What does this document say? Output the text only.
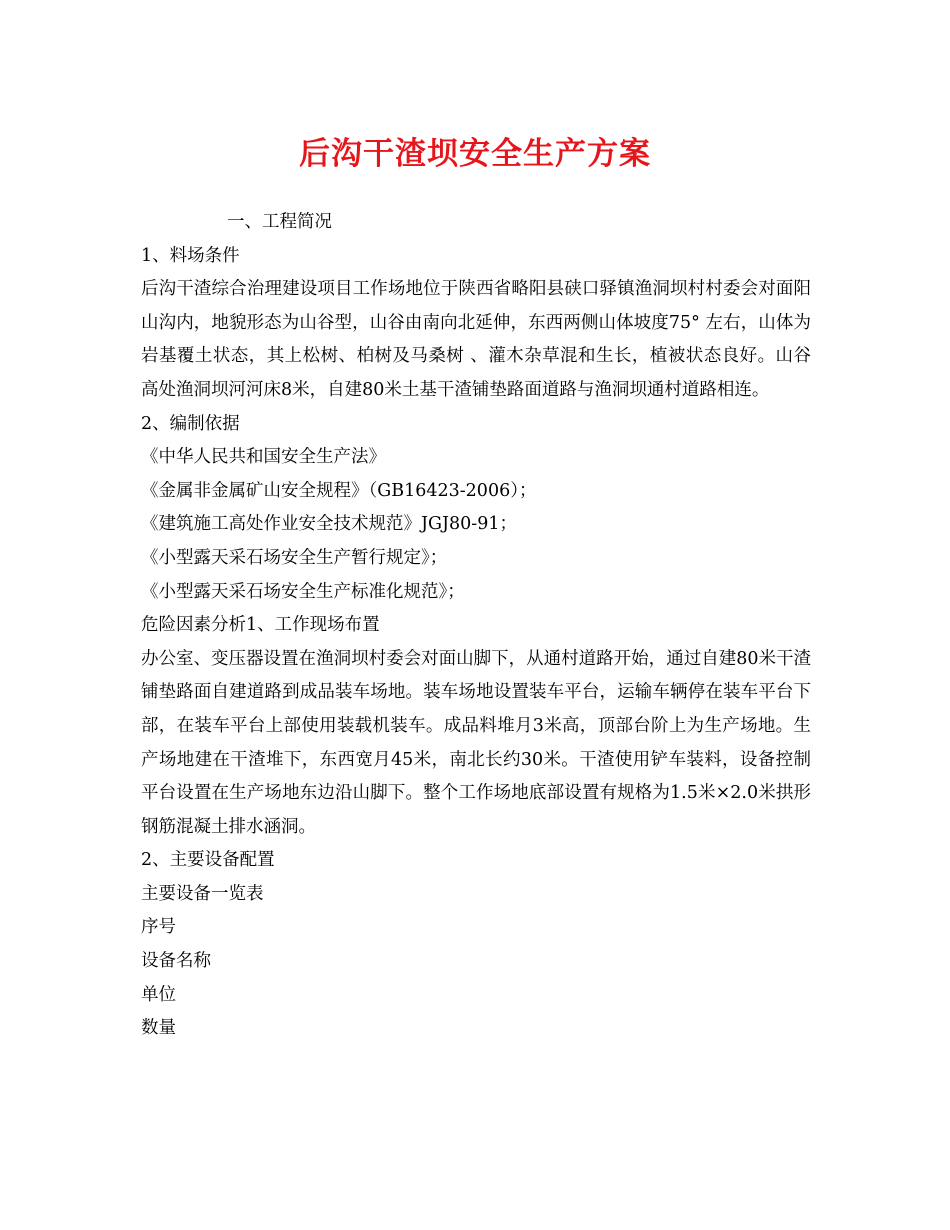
后沟干渣坝安全生产方案
一、工程简况
1、料场条件
后沟干渣综合治理建设项目工作场地位于陕西省略阳县硖口驿镇渔洞坝村村委会对面阳山沟内，地貌形态为山谷型，山谷由南向北延伸，东西两侧山体坡度75° 左右，山体为岩基覆土状态，其上松树、柏树及马桑树 、灌木杂草混和生长，植被状态良好。山谷高处渔洞坝河河床8米，自建80米土基干渣铺垫路面道路与渔洞坝通村道路相连。
2、编制依据
《中华人民共和国安全生产法》
《金属非金属矿山安全规程》（GB16423-2006）；
《建筑施工高处作业安全技术规范》JGJ80-91；
《小型露天采石场安全生产暂行规定》；
《小型露天采石场安全生产标准化规范》；
危险因素分析1、工作现场布置
办公室、变压器设置在渔洞坝村委会对面山脚下，从通村道路开始，通过自建80米干渣铺垫路面自建道路到成品装车场地。装车场地设置装车平台，运输车辆停在装车平台下部，在装车平台上部使用装载机装车。成品料堆月3米高，顶部台阶上为生产场地。生产场地建在干渣堆下，东西宽月45米，南北长约30米。干渣使用铲车装料，设备控制平台设置在生产场地东边沿山脚下。整个工作场地底部设置有规格为1.5米×2.0米拱形钢筋混凝土排水涵洞。
2、主要设备配置
主要设备一览表
序号
设备名称
单位
数量
